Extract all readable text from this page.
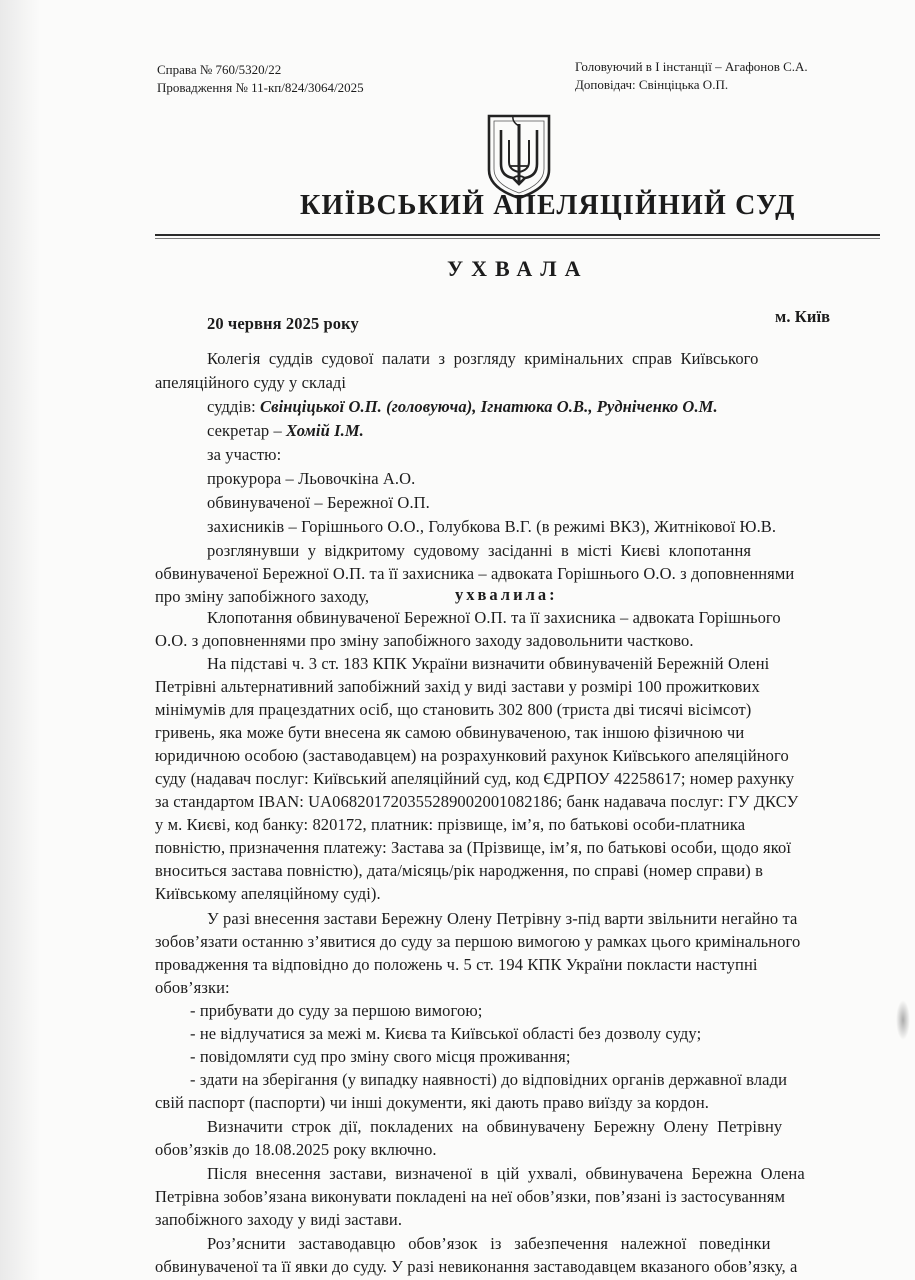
Справа № 760/5320/22
Провадження № 11-кп/824/3064/2025
Головуючий в I інстанції – Агафонов С.А.
Доповідач: Свінціцька О.П.
КИЇВСЬКИЙ АПЕЛЯЦІЙНИЙ СУД
УХВАЛА
20 червня 2025 року	м. Київ
Колегія  суддів  судової  палати  з  розгляду  кримінальних  справ  Київського
апеляційного суду у складі
суддів: Свінціцької О.П. (головуюча), Ігнатюка О.В., Рудніченко О.М.
секретар – Хомій І.М.
за участю:
прокурора – Льовочкіна А.О.
обвинуваченої – Бережної О.П.
захисників – Горішнього О.О., Голубкова В.Г. (в режимі ВКЗ), Житнікової Ю.В.
розглянувши  у  відкритому  судовому  засіданні  в  місті  Києві  клопотання
обвинуваченої Бережної О.П. та її захисника – адвоката Горішнього О.О. з доповненнями
про зміну запобіжного заходу,	ухвалила:
Клопотання обвинуваченої Бережної О.П. та її захисника – адвоката Горішнього
О.О. з доповненнями про зміну запобіжного заходу задовольнити частково.
На підставі ч. 3 ст. 183 КПК України визначити обвинуваченій Бережній Олені
Петрівні альтернативний запобіжний захід у виді застави у розмірі 100 прожиткових
мінімумів для працездатних осіб, що становить 302 800 (триста дві тисячі вісімсот)
гривень, яка може бути внесена як самою обвинуваченою, так іншою фізичною чи
юридичною особою (заставодавцем) на розрахунковий рахунок Київського апеляційного
суду (надавач послуг: Київський апеляційний суд, код ЄДРПОУ 42258617; номер рахунку
за стандартом IBAN: UA068201720355289002001082186; банк надавача послуг: ГУ ДКСУ
у м. Києві, код банку: 820172, платник: прізвище, ім’я, по батькові особи-платника
повністю, призначення платежу: Застава за (Прізвище, ім’я, по батькові особи, щодо якої
вноситься застава повністю), дата/місяць/рік народження, по справі (номер справи) в
Київському апеляційному суді).
У разі внесення застави Бережну Олену Петрівну з-під варти звільнити негайно та
зобов’язати останню з’явитися до суду за першою вимогою у рамках цього кримінального
провадження та відповідно до положень ч. 5 ст. 194 КПК України покласти наступні
обов’язки:
- прибувати до суду за першою вимогою;
- не відлучатися за межі м. Києва та Київської області без дозволу суду;
- повідомляти суд про зміну свого місця проживання;
- здати на зберігання (у випадку наявності) до відповідних органів державної влади
свій паспорт (паспорти) чи інші документи, які дають право виїзду за кордон.
Визначити  строк  дії,  покладених  на  обвинувачену  Бережну  Олену  Петрівну
обов’язків до 18.08.2025 року включно.
Після  внесення  застави,  визначеної  в  цій  ухвалі,  обвинувачена  Бережна  Олена
Петрівна зобов’язана виконувати покладені на неї обов’язки, пов’язані із застосуванням
запобіжного заходу у виді застави.
Роз’яснити   заставодавцю   обов’язок   із   забезпечення   належної   поведінки
обвинуваченої та її явки до суду. У разі невиконання заставодавцем вказаного обов’язку, а
